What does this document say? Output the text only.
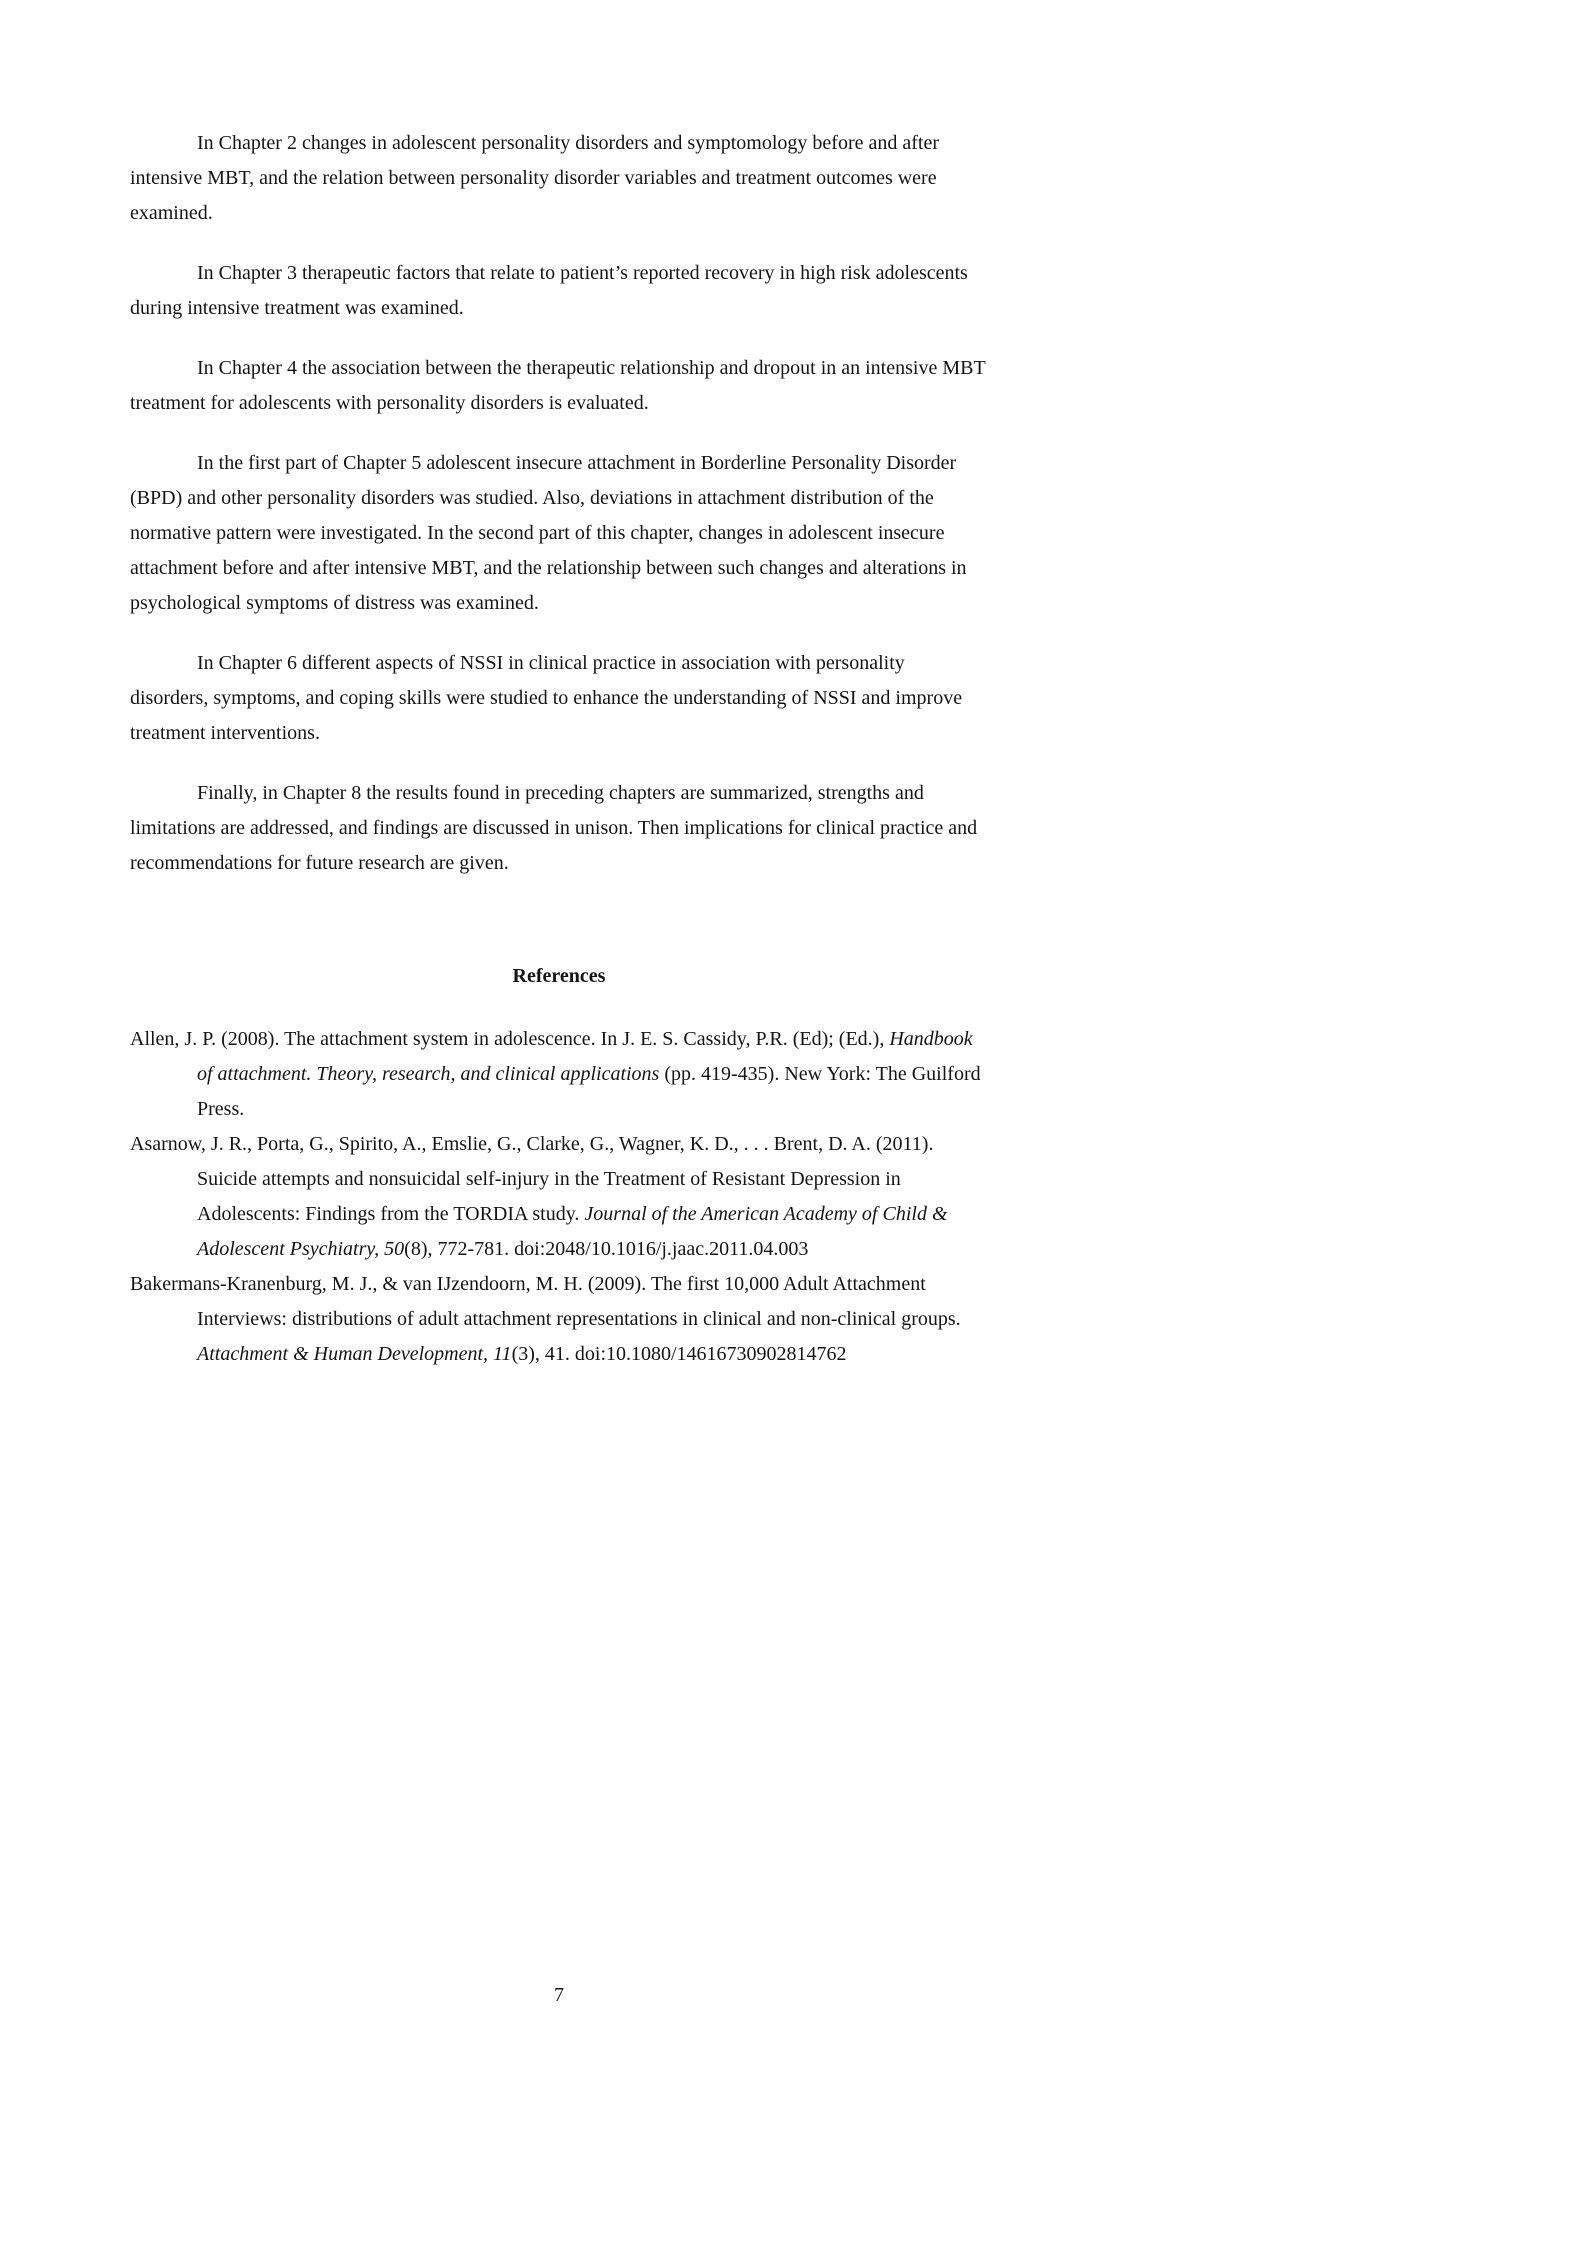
In Chapter 2 changes in adolescent personality disorders and symptomology before and after intensive MBT, and the relation between personality disorder variables and treatment outcomes were examined.

In Chapter 3 therapeutic factors that relate to patient’s reported recovery in high risk adolescents during intensive treatment was examined.

In Chapter 4 the association between the therapeutic relationship and dropout in an intensive MBT treatment for adolescents with personality disorders is evaluated.

In the first part of Chapter 5 adolescent insecure attachment in Borderline Personality Disorder (BPD) and other personality disorders was studied. Also, deviations in attachment distribution of the normative pattern were investigated. In the second part of this chapter, changes in adolescent insecure attachment before and after intensive MBT, and the relationship between such changes and alterations in psychological symptoms of distress was examined.

In Chapter 6 different aspects of NSSI in clinical practice in association with personality disorders, symptoms, and coping skills were studied to enhance the understanding of NSSI and improve treatment interventions.

Finally, in Chapter 8 the results found in preceding chapters are summarized, strengths and limitations are addressed, and findings are discussed in unison. Then implications for clinical practice and recommendations for future research are given.

References

Allen, J. P. (2008). The attachment system in adolescence. In J. E. S. Cassidy, P.R. (Ed); (Ed.), Handbook of attachment. Theory, research, and clinical applications (pp. 419-435). New York: The Guilford Press.

Asarnow, J. R., Porta, G., Spirito, A., Emslie, G., Clarke, G., Wagner, K. D., . . . Brent, D. A. (2011). Suicide attempts and nonsuicidal self-injury in the Treatment of Resistant Depression in Adolescents: Findings from the TORDIA study. Journal of the American Academy of Child & Adolescent Psychiatry, 50(8), 772-781. doi:2048/10.1016/j.jaac.2011.04.003

Bakermans-Kranenburg, M. J., & van IJzendoorn, M. H. (2009). The first 10,000 Adult Attachment Interviews: distributions of adult attachment representations in clinical and non-clinical groups. Attachment & Human Development, 11(3), 41. doi:10.1080/14616730902814762

7
